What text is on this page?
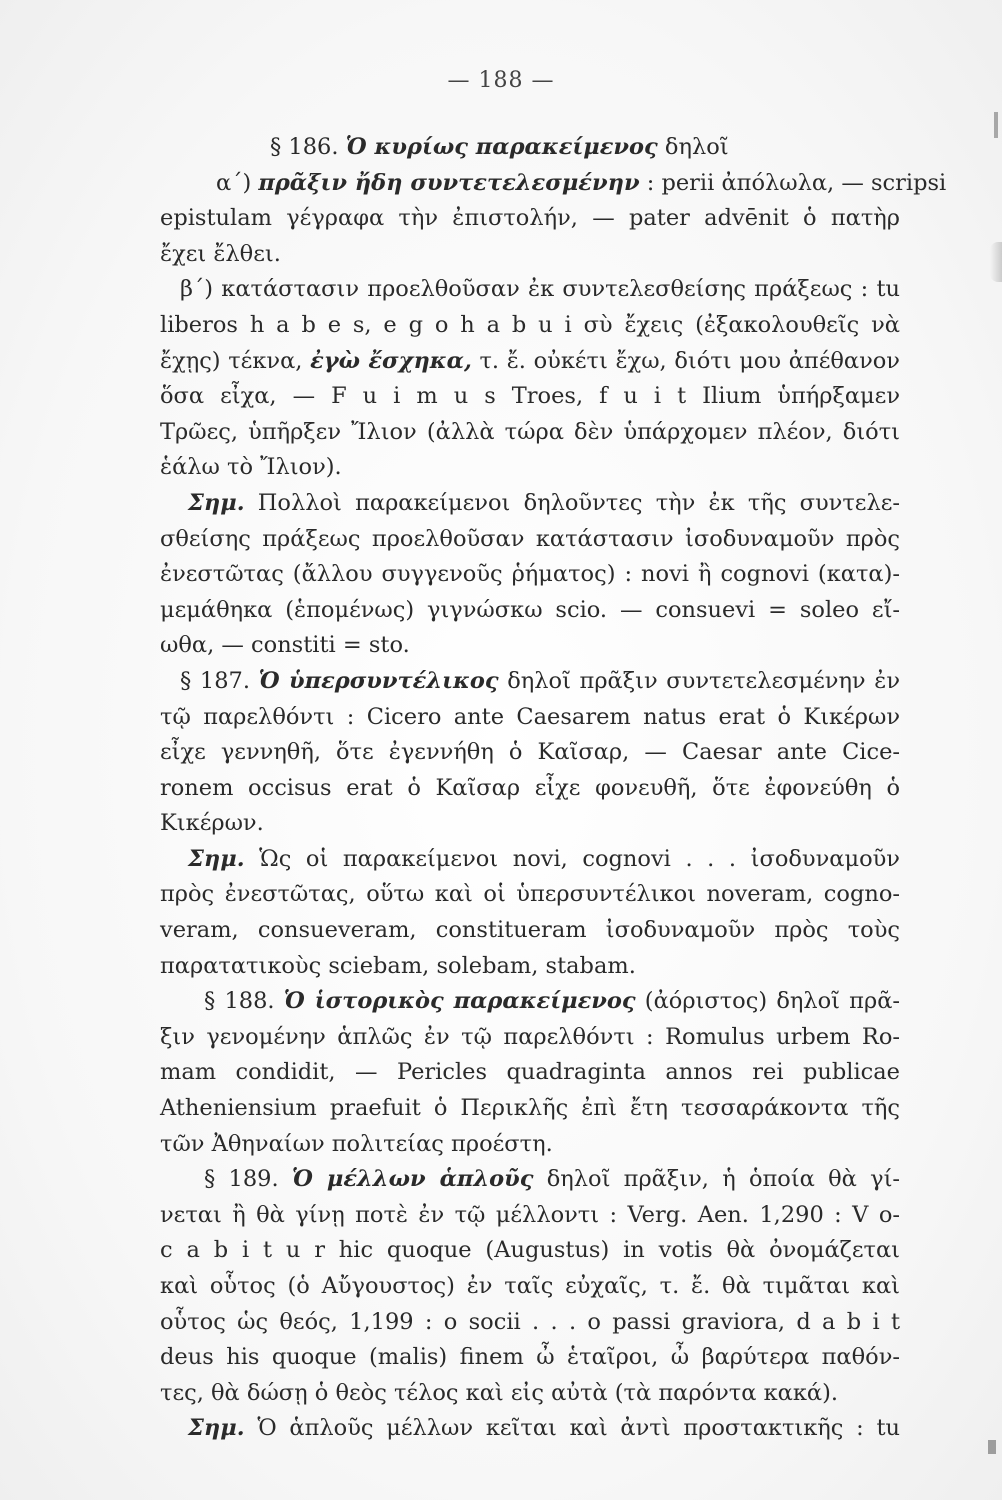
— 188 —
§ 186. Ὁ κυρίως παρακείμενος δηλοῖ
α΄) πρᾶξιν ἤδη συντετελεσμένην : perii ἀπόλωλα, — scripsi
epistulam γέγραφα τὴν ἐπιστολήν, — pater advēnit ὁ πατὴρ
ἔχει ἔλθει.
β΄) κατάστασιν προελθοῦσαν ἐκ συντελεσθείσης πράξεως : tu
liberos h a b e s, e g o h a b u i σὺ ἔχεις (ἐξακολουθεῖς νὰ
ἔχῃς) τέκνα, ἐγὼ ἔσχηκα, τ. ἔ. οὐκέτι ἔχω, διότι μου ἀπέθανον
ὅσα εἶχα, — F u i m u s Troes, f u i t Ilium ὑπήρξαμεν
Τρῶες, ὑπῆρξεν Ἴλιον (ἀλλὰ τώρα δὲν ὑπάρχομεν πλέον, διότι
ἑάλω τὸ Ἴλιον).
Σημ. Πολλοὶ παρακείμενοι δηλοῦντες τὴν ἐκ τῆς συντελε-
σθείσης πράξεως προελθοῦσαν κατάστασιν ἰσοδυναμοῦν πρὸς
ἐνεστῶτας (ἄλλου συγγενοῦς ῥήματος) : novi ἢ cognovi (κατα)-
μεμάθηκα (ἑπομένως) γιγνώσκω scio. — consuevi = soleo εἴ-
ωθα, — constiti = sto.
§ 187. Ὁ ὑπερσυντέλικος δηλοῖ πρᾶξιν συντετελεσμένην ἐν
τῷ παρελθόντι : Cicero ante Caesarem natus erat ὁ Κικέρων
εἶχε γεννηθῆ, ὅτε ἐγεννήθη ὁ Καῖσαρ, — Caesar ante Cice-
ronem occisus erat ὁ Καῖσαρ εἶχε φονευθῆ, ὅτε ἐφονεύθη ὁ
Κικέρων.
Σημ. Ὡς οἱ παρακείμενοι novi, cognovi . . . ἰσοδυναμοῦν
πρὸς ἐνεστῶτας, οὕτω καὶ οἱ ὑπερσυντέλικοι noveram, cogno-
veram, consueveram, constitueram ἰσοδυναμοῦν πρὸς τοὺς
παρατατικοὺς sciebam, solebam, stabam.
§ 188. Ὁ ἱστορικὸς παρακείμενος (ἀόριστος) δηλοῖ πρᾶ-
ξιν γενομένην ἁπλῶς ἐν τῷ παρελθόντι : Romulus urbem Ro-
mam condidit, — Pericles quadraginta annos rei publicae
Atheniensium praefuit ὁ Περικλῆς ἐπὶ ἔτη τεσσαράκοντα τῆς
τῶν Ἀθηναίων πολιτείας προέστη.
§ 189. Ὁ μέλλων ἁπλοῦς δηλοῖ πρᾶξιν, ἡ ὁποία θὰ γί-
νεται ἢ θὰ γίνῃ ποτὲ ἐν τῷ μέλλοντι : Verg. Aen. 1,290 : V o-
c a b i t u r hic quoque (Augustus) in votis θὰ ὀνομάζεται
καὶ οὗτος (ὁ Αὔγουστος) ἐν ταῖς εὐχαῖς, τ. ἔ. θὰ τιμᾶται καὶ
οὗτος ὡς θεός, 1,199 : o socii . . . o passi graviora, d a b i t
deus his quoque (malis) finem ὦ ἑταῖροι, ὦ βαρύτερα παθόν-
τες, θὰ δώσῃ ὁ θεὸς τέλος καὶ εἰς αὐτὰ (τὰ παρόντα κακά).
Σημ. Ὁ ἁπλοῦς μέλλων κεῖται καὶ ἀντὶ προστακτικῆς : tu
